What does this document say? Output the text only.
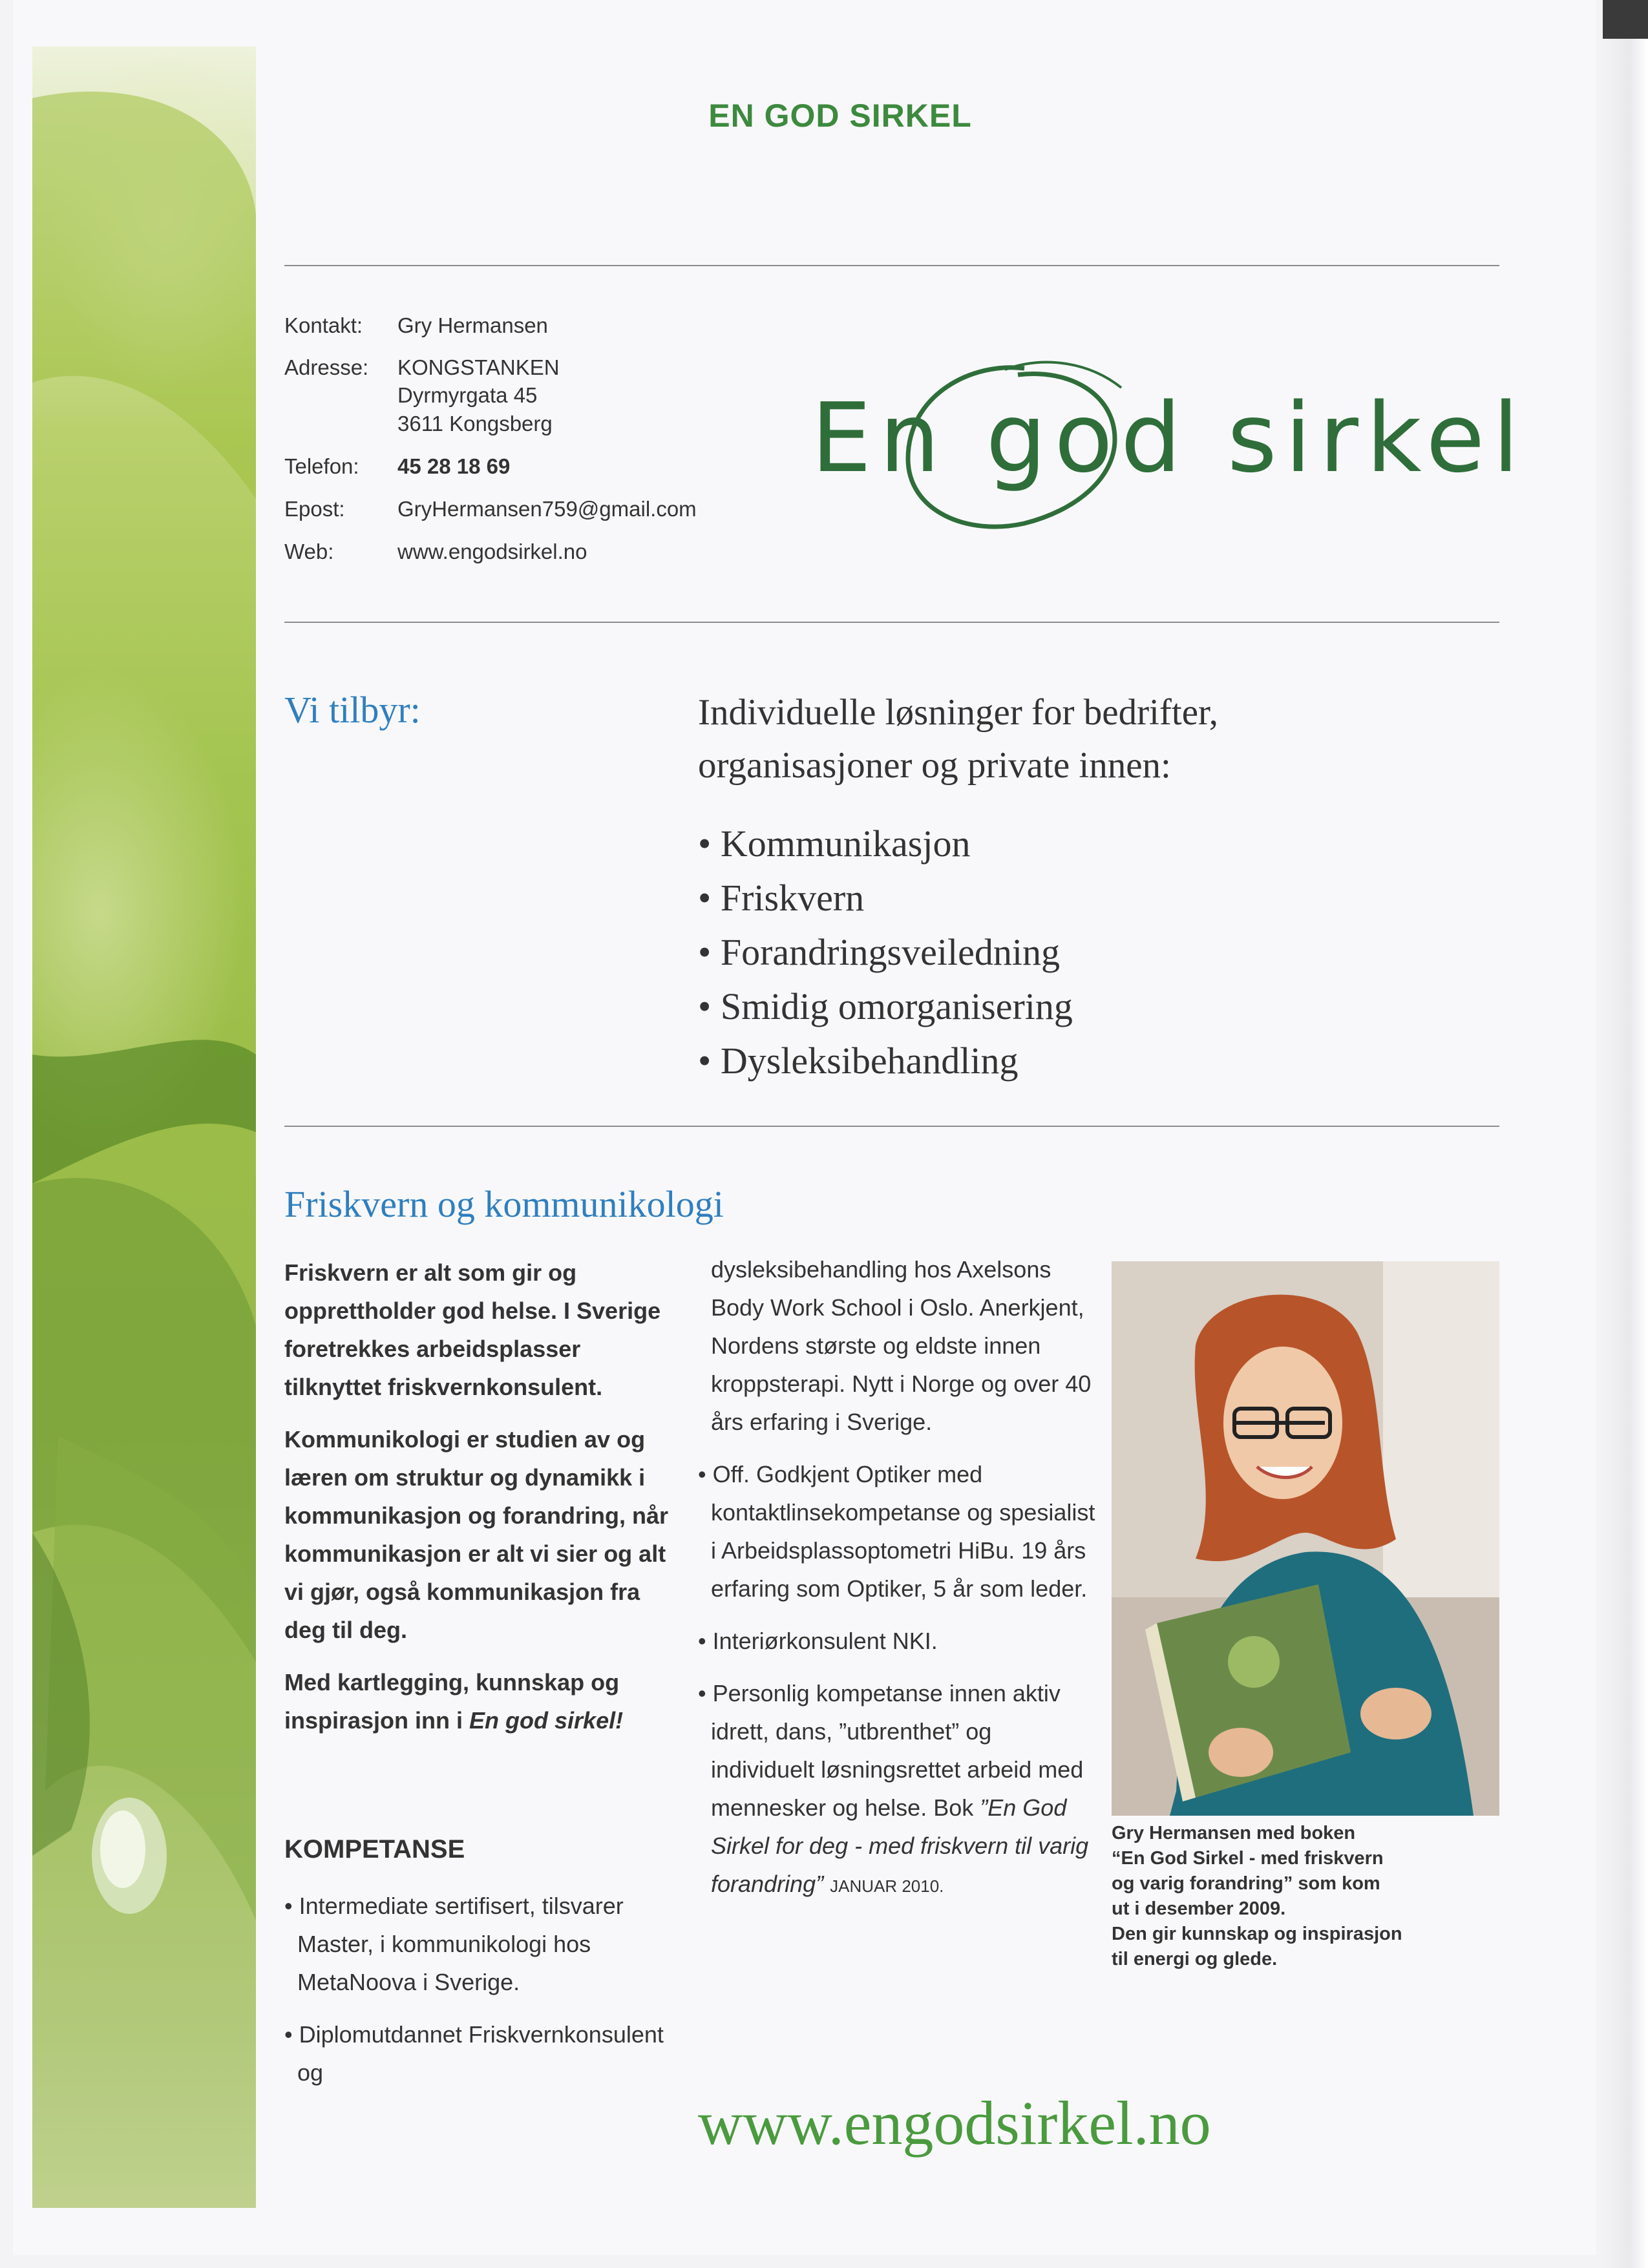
EN GOD SIRKEL
Kontakt:	Gry Hermansen
Adresse:	KONGSTANKEN
Dyrmyrgata 45
3611 Kongsberg
Telefon:	45 28 18 69
Epost:	GryHermansen759@gmail.com
Web:	www.engodsirkel.no
En god sirkel
Vi tilbyr:	Individuelle løsninger for bedrifter,
organisasjoner og private innen:
• Kommunikasjon
• Friskvern
• Forandringsveiledning
• Smidig omorganisering
• Dysleksibehandling
Friskvern og kommunikologi

Friskvern er alt som gir og opprettholder god helse. I Sverige foretrekkes arbeidsplasser tilknyttet friskvernkonsulent.

Kommunikologi er studien av og læren om struktur og dynamikk i kommunikasjon og forandring, når kommunikasjon er alt vi sier og alt vi gjør, også kommunikasjon fra deg til deg.

Med kartlegging, kunnskap og inspirasjon inn i En god sirkel!

KOMPETANSE
• Intermediate sertifisert, tilsvarer Master, i kommunikologi hos MetaNoova i Sverige.
• Diplomutdannet Friskvernkonsulent og
dysleksibehandling hos Axelsons Body Work School i Oslo. Anerkjent, Nordens største og eldste innen kroppsterapi. Nytt i Norge og over 40 års erfaring i Sverige.
• Off. Godkjent Optiker med kontaktlinsekompetanse og spesialist i Arbeidsplassoptometri HiBu. 19 års erfaring som Optiker, 5 år som leder.
• Interiørkonsulent NKI.
• Personlig kompetanse innen aktiv idrett, dans, ”utbrenthet” og individuelt løsningsrettet arbeid med mennesker og helse. Bok ”En God Sirkel for deg - med friskvern til varig forandring” JANUAR 2010.
Gry Hermansen med boken
“En God Sirkel - med friskvern
og varig forandring” som kom
ut i desember 2009.
Den gir kunnskap og inspirasjon
til energi og glede.
www.engodsirkel.no
